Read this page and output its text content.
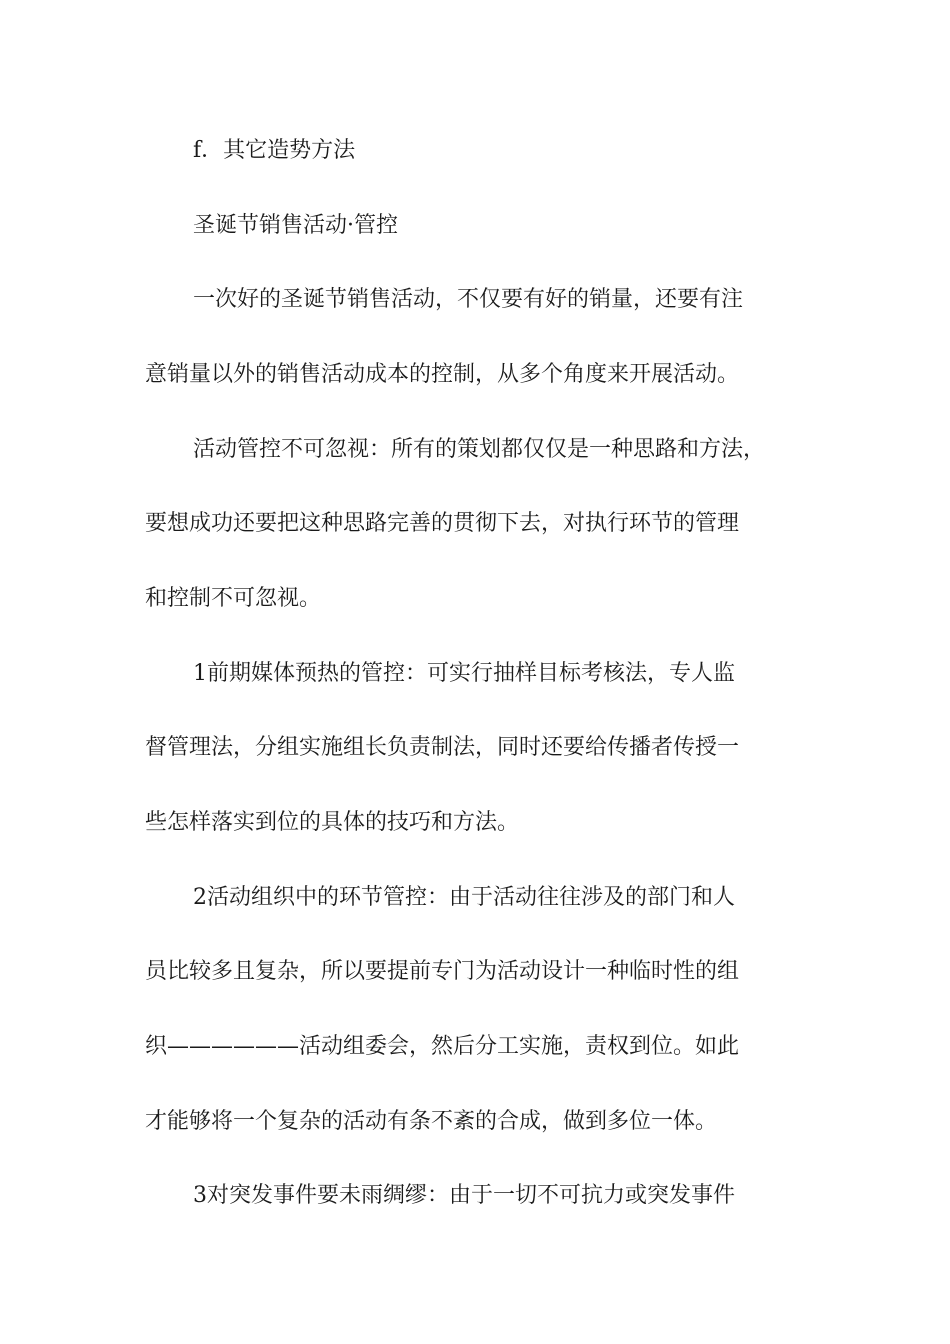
f．其它造势方法
圣诞节销售活动·管控
一次好的圣诞节销售活动，不仅要有好的销量，还要有注
意销量以外的销售活动成本的控制，从多个角度来开展活动。
活动管控不可忽视：所有的策划都仅仅是一种思路和方法，
要想成功还要把这种思路完善的贯彻下去，对执行环节的管理
和控制不可忽视。
1前期媒体预热的管控：可实行抽样目标考核法，专人监
督管理法，分组实施组长负责制法，同时还要给传播者传授一
些怎样落实到位的具体的技巧和方法。
2活动组织中的环节管控：由于活动往往涉及的部门和人
员比较多且复杂，所以要提前专门为活动设计一种临时性的组
织——————活动组委会，然后分工实施，责权到位。如此
才能够将一个复杂的活动有条不紊的合成，做到多位一体。
3对突发事件要未雨绸缪：由于一切不可抗力或突发事件
